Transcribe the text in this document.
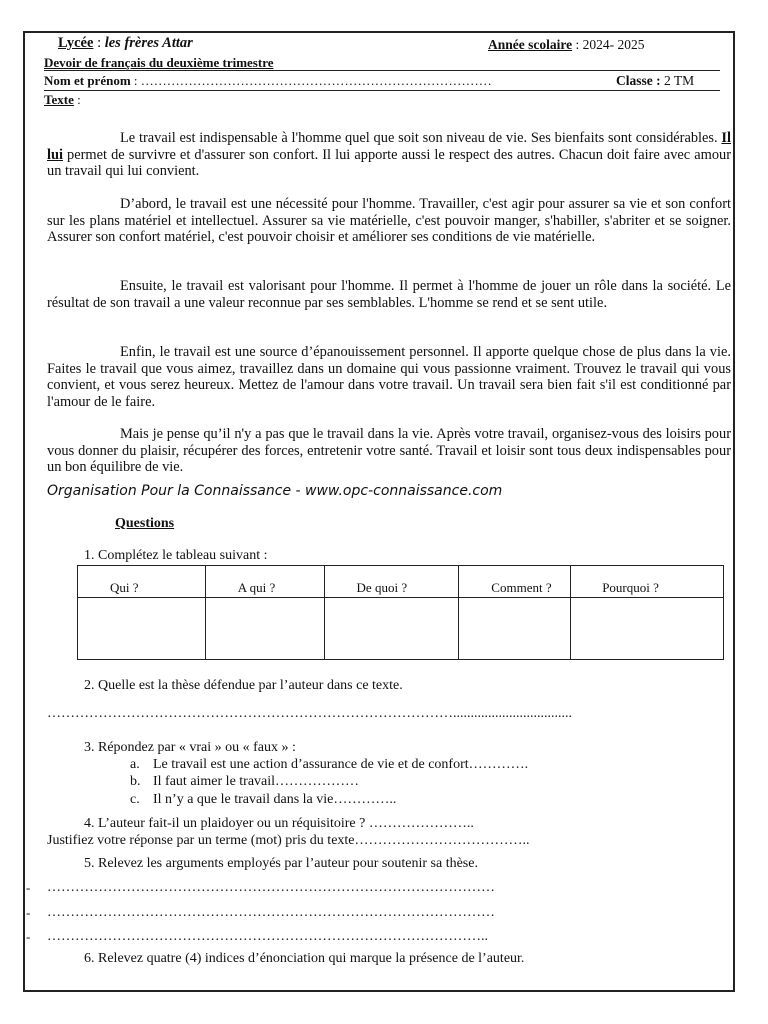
Lycée : les frères Attar	Année scolaire : 2024- 2025
Devoir de français du deuxième trimestre
Nom et prénom : ………………………………………………………………………	Classe : 2 TM
Texte :

Le travail est indispensable à l'homme quel que soit son niveau de vie. Ses bienfaits sont considérables. Il lui permet de survivre et d'assurer son confort. Il lui apporte aussi le respect des autres. Chacun doit faire avec amour un travail qui lui convient.

D’abord, le travail est une nécessité pour l'homme. Travailler, c'est agir pour assurer sa vie et son confort sur les plans matériel et intellectuel. Assurer sa vie matérielle, c'est pouvoir manger, s'habiller, s'abriter et se soigner. Assurer son confort matériel, c'est pouvoir choisir et améliorer ses conditions de vie matérielle.

Ensuite, le travail est valorisant pour l'homme. Il permet à l'homme de jouer un rôle dans la société. Le résultat de son travail a une valeur reconnue par ses semblables. L'homme se rend et se sent utile.

Enfin, le travail est une source d’épanouissement personnel. Il apporte quelque chose de plus dans la vie. Faites le travail que vous aimez, travaillez dans un domaine qui vous passionne vraiment. Trouvez le travail qui vous convient, et vous serez heureux. Mettez de l'amour dans votre travail. Un travail sera bien fait s'il est conditionné par l'amour de le faire.

Mais je pense qu’il n'y a pas que le travail dans la vie. Après votre travail, organisez-vous des loisirs pour vous donner du plaisir, récupérer des forces, entretenir votre santé. Travail et loisir sont tous deux indispensables pour un bon équilibre de vie.

Organisation Pour la Connaissance - www.opc-connaissance.com
Questions
1. Complétez le tableau suivant :
Qui ?	A qui ?	De quoi ?	Comment ?	Pourquoi ?

2. Quelle est la thèse défendue par l’auteur dans ce texte.
……………………………………………………………………………..................................
3. Répondez par « vrai » ou « faux » :
a. Le travail est une action d’assurance de vie et de confort………….
b. Il faut aimer le travail………………
c. Il n’y a que le travail dans la vie…………..
4. L’auteur fait-il un plaidoyer ou un réquisitoire ? …………………..
Justifiez votre réponse par un terme (mot) pris du texte………………………………..
5. Relevez les arguments employés par l’auteur pour soutenir sa thèse.
- ……………………………………………………………………………………
- ……………………………………………………………………………………
- …………………………………………………………………………………..
6. Relevez quatre (4) indices d’énonciation qui marque la présence de l’auteur.
